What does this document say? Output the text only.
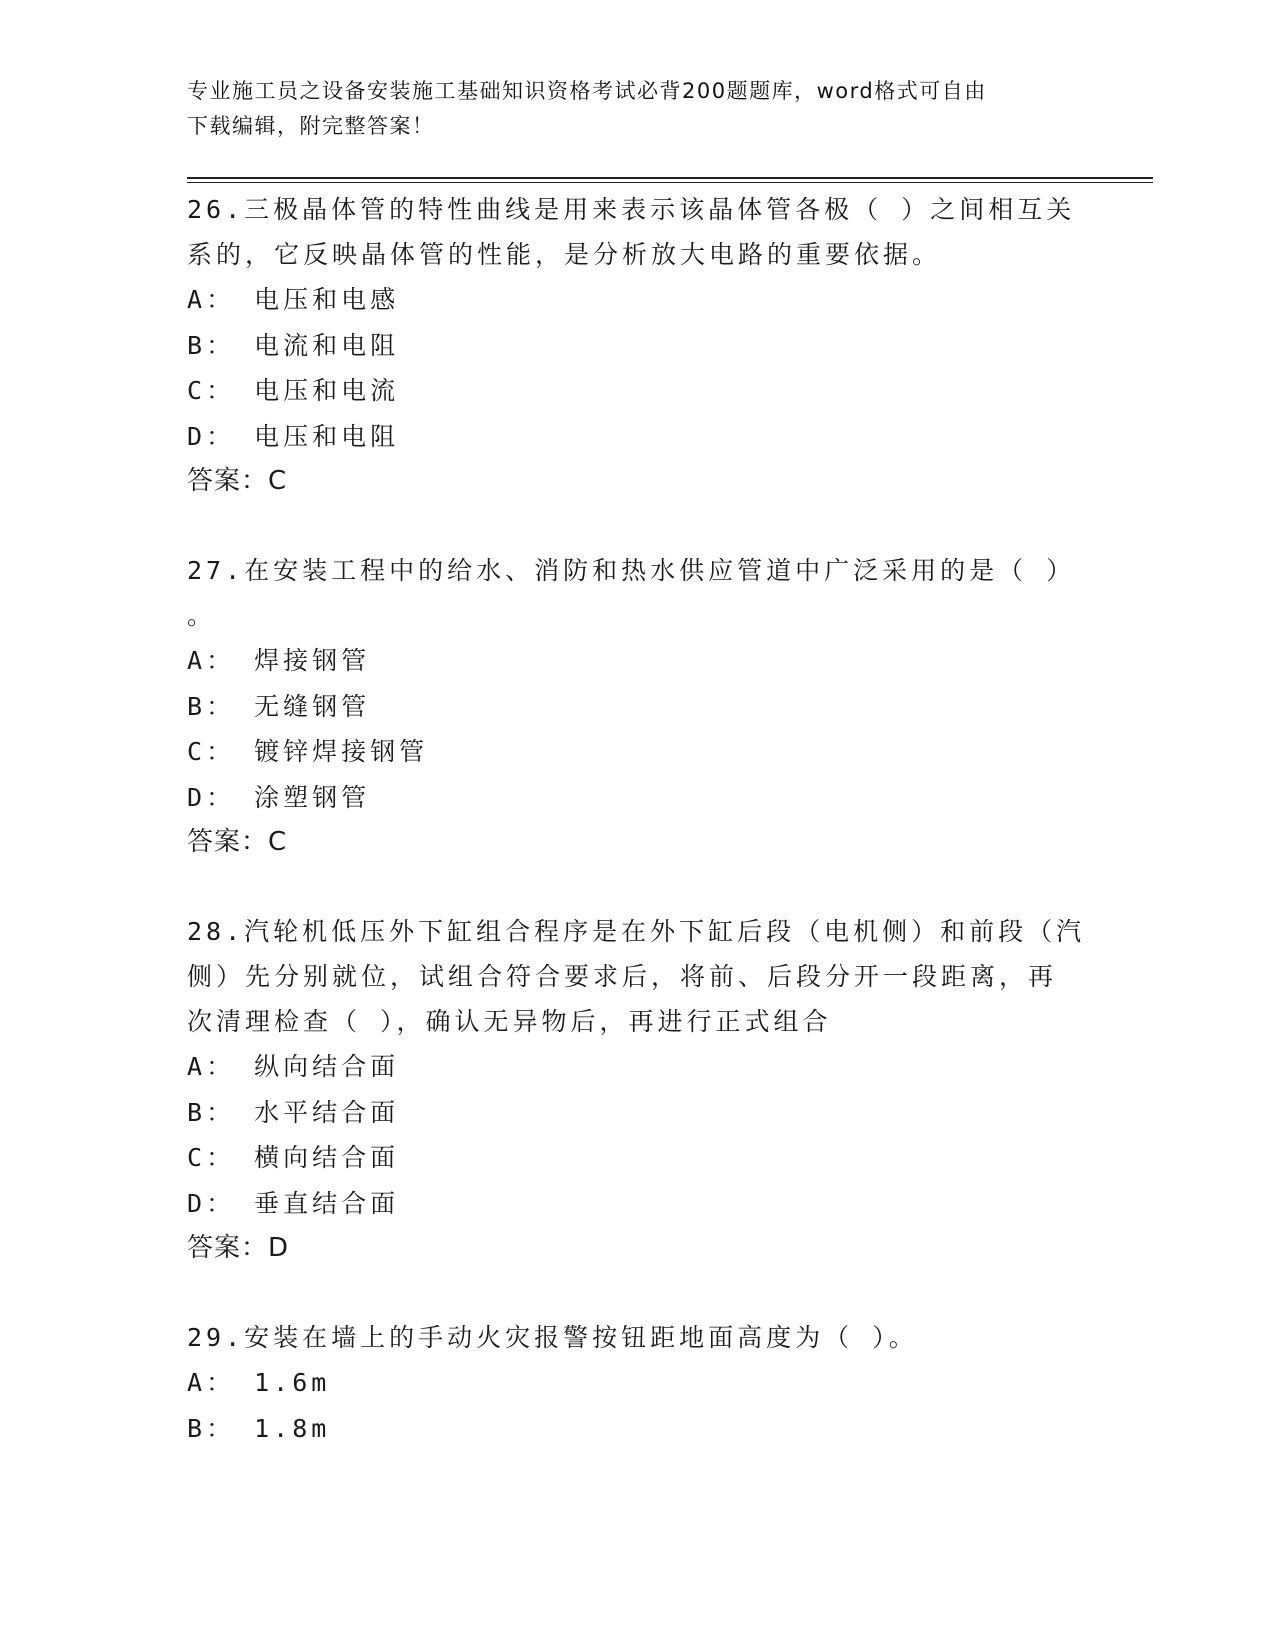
专业施工员之设备安装施工基础知识资格考试必背200题题库，word格式可自由
下载编辑，附完整答案！
26.三极晶体管的特性曲线是用来表示该晶体管各极（ ）之间相互关
系的，它反映晶体管的性能，是分析放大电路的重要依据。
A： 电压和电感
B： 电流和电阻
C： 电压和电流
D： 电压和电阻
答案：C
27.在安装工程中的给水、消防和热水供应管道中广泛采用的是（ ）
。
A： 焊接钢管
B： 无缝钢管
C： 镀锌焊接钢管
D： 涂塑钢管
答案：C
28.汽轮机低压外下缸组合程序是在外下缸后段（电机侧）和前段（汽
侧）先分别就位，试组合符合要求后，将前、后段分开一段距离，再
次清理检查（ ），确认无异物后，再进行正式组合
A： 纵向结合面
B： 水平结合面
C： 横向结合面
D： 垂直结合面
答案：D
29.安装在墙上的手动火灾报警按钮距地面高度为（ ）。
A： 1.6m
B： 1.8m
